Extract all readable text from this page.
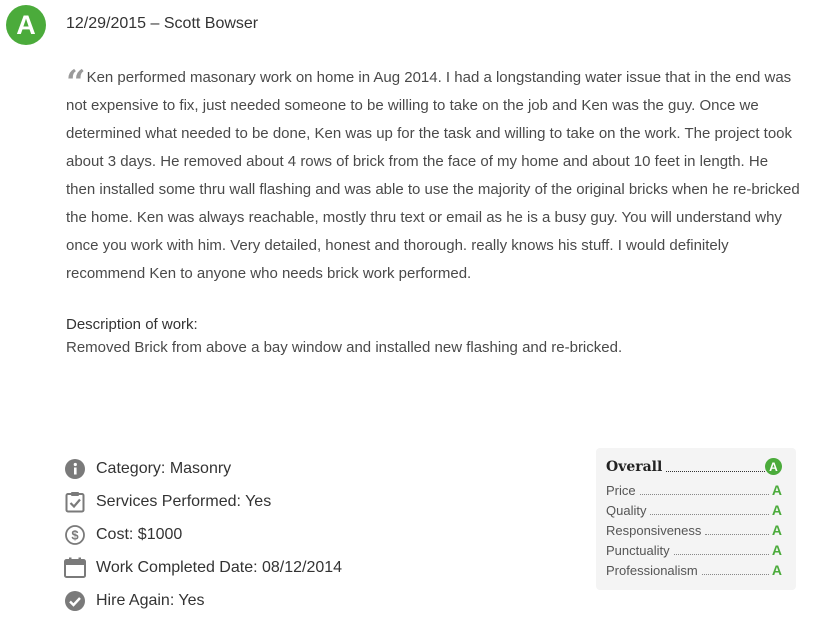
A	12/29/2015 – Scott Bowser
“ Ken performed masonary work on home in Aug 2014. I had a longstanding water issue that in the end was not expensive to fix, just needed someone to be willing to take on the job and Ken was the guy. Once we determined what needed to be done, Ken was up for the task and willing to take on the work. The project took about 3 days. He removed about 4 rows of brick from the face of my home and about 10 feet in length. He then installed some thru wall flashing and was able to use the majority of the original bricks when he re-bricked the home. Ken was always reachable, mostly thru text or email as he is a busy guy. You will understand why once you work with him. Very detailed, honest and thorough. really knows his stuff. I would definitely recommend Ken to anyone who needs brick work performed.
Description of work:
Removed Brick from above a bay window and installed new flashing and re-bricked.
Category: Masonry
Services Performed: Yes
$ Cost: $1000
Work Completed Date: 08/12/2014
Hire Again: Yes
Overall	A
Price	A
Quality	A
Responsiveness	A
Punctuality	A
Professionalism	A
